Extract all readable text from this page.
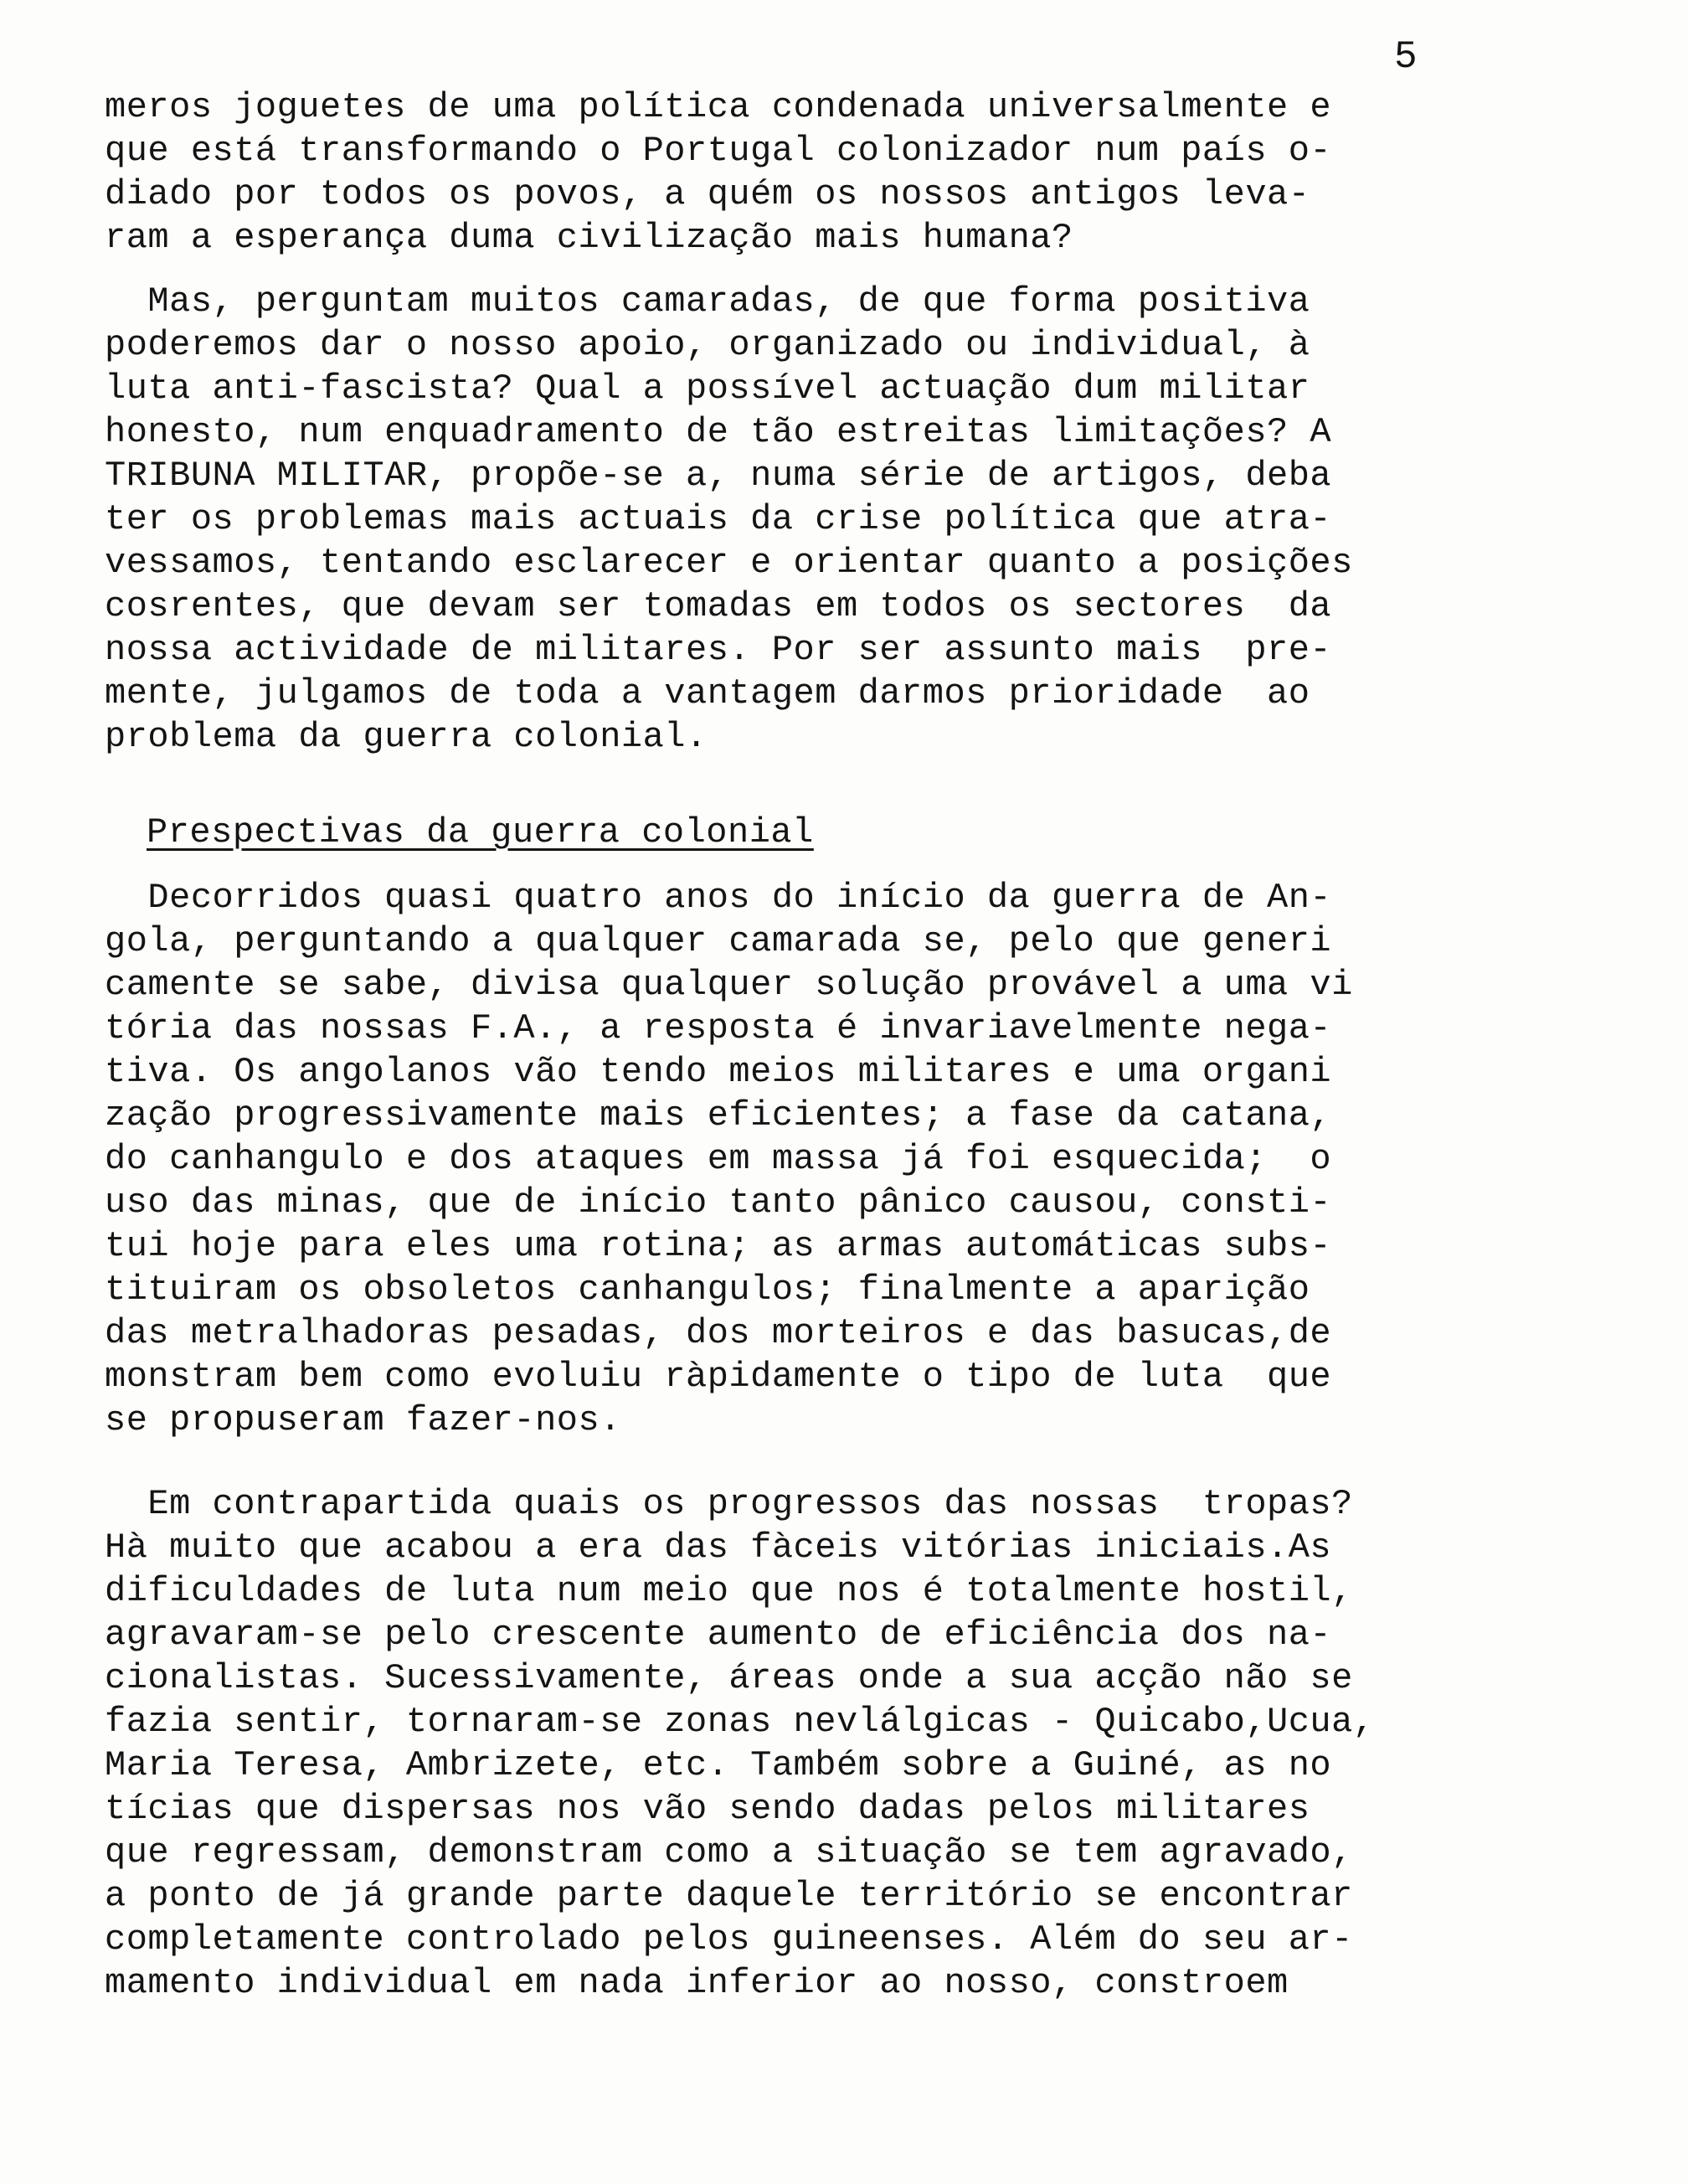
5
meros joguetes de uma política condenada universalmente e
que está transformando o Portugal colonizador num país o-
diado por todos os povos, a quém os nossos antigos leva-
ram a esperança duma civilização mais humana?
Mas, perguntam muitos camaradas, de que forma positiva
poderemos dar o nosso apoio, organizado ou individual, à
luta anti-fascista? Qual a possível actuação dum militar
honesto, num enquadramento de tão estreitas limitações? A
TRIBUNA MILITAR, propõe-se a, numa série de artigos, deba
ter os problemas mais actuais da crise política que atra-
vessamos, tentando esclarecer e orientar quanto a posições
cosrentes, que devam ser tomadas em todos os sectores  da
nossa actividade de militares. Por ser assunto mais  pre-
mente, julgamos de toda a vantagem darmos prioridade  ao
problema da guerra colonial.
Prespectivas da guerra colonial
Decorridos quasi quatro anos do início da guerra de An-
gola, perguntando a qualquer camarada se, pelo que generi
camente se sabe, divisa qualquer solução provável a uma vi
tória das nossas F.A., a resposta é invariavelmente nega-
tiva. Os angolanos vão tendo meios militares e uma organi
zação progressivamente mais eficientes; a fase da catana,
do canhangulo e dos ataques em massa já foi esquecida;  o
uso das minas, que de início tanto pânico causou, consti-
tui hoje para eles uma rotina; as armas automáticas subs-
tituiram os obsoletos canhangulos; finalmente a aparição
das metralhadoras pesadas, dos morteiros e das basucas,de
monstram bem como evoluiu ràpidamente o tipo de luta  que
se propuseram fazer-nos.
Em contrapartida quais os progressos das nossas  tropas?
Hà muito que acabou a era das fàceis vitórias iniciais.As
dificuldades de luta num meio que nos é totalmente hostil,
agravaram-se pelo crescente aumento de eficiência dos na-
cionalistas. Sucessivamente, áreas onde a sua acção não se
fazia sentir, tornaram-se zonas nevlálgicas - Quicabo,Ucua,
Maria Teresa, Ambrizete, etc. Também sobre a Guiné, as no
tícias que dispersas nos vão sendo dadas pelos militares
que regressam, demonstram como a situação se tem agravado,
a ponto de já grande parte daquele território se encontrar
completamente controlado pelos guineenses. Além do seu ar-
mamento individual em nada inferior ao nosso, constroem
